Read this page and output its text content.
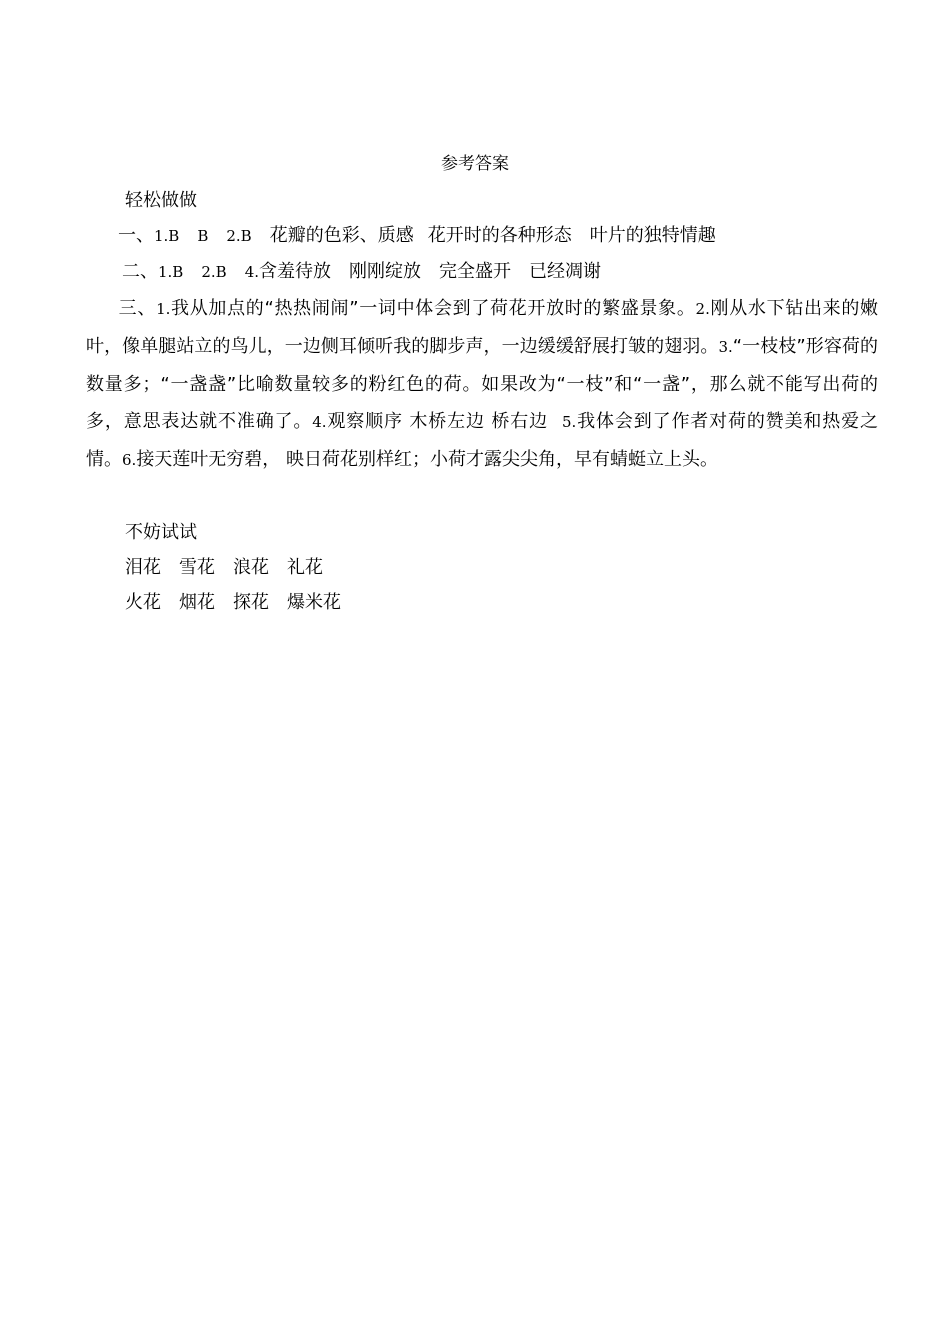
参考答案
轻松做做
一、1.B B 2.B 花瓣的色彩、质感 花开时的各种形态 叶片的独特情趣
二、1.B 2.B 4.含羞待放 刚刚绽放 完全盛开 已经凋谢
三、1.我从加点的“热热闹闹”一词中体会到了荷花开放时的繁盛景象。2.刚从水下钻出来的嫩叶，像单腿站立的鸟儿，一边侧耳倾听我的脚步声，一边缓缓舒展打皱的翅羽。3.“一枝枝”形容荷的数量多；“一盏盏”比喻数量较多的粉红色的荷。如果改为“一枝”和“一盏”，那么就不能写出荷的多，意思表达就不准确了。4.观察顺序 木桥左边 桥右边 5.我体会到了作者对荷的赞美和热爱之情。6.接天莲叶无穷碧， 映日荷花别样红；小荷才露尖尖角，早有蜻蜓立上头。
不妨试试
泪花 雪花 浪花 礼花
火花 烟花 探花 爆米花
